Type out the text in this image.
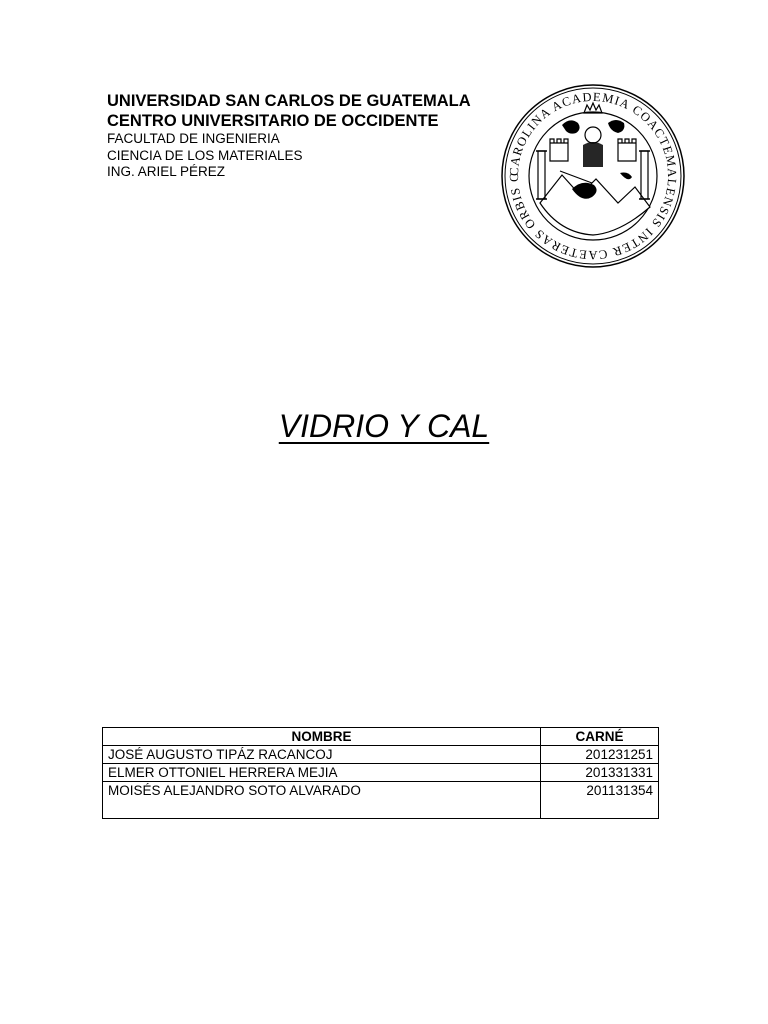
UNIVERSIDAD SAN CARLOS DE GUATEMALA
CENTRO UNIVERSITARIO DE OCCIDENTE
FACULTAD DE INGENIERIA
CIENCIA DE LOS MATERIALES
ING. ARIEL PÉREZ	CAROLINA ACADEMIA COACTEMALENSIS INTER CAETERAS ORBIS C
VIDRIO Y CAL
NOMBRE	CARNÉ
JOSÉ AUGUSTO TIPÁZ RACANCOJ	201231251
ELMER OTTONIEL HERRERA MEJIA	201331331
MOISÉS ALEJANDRO SOTO ALVARADO	201131354
